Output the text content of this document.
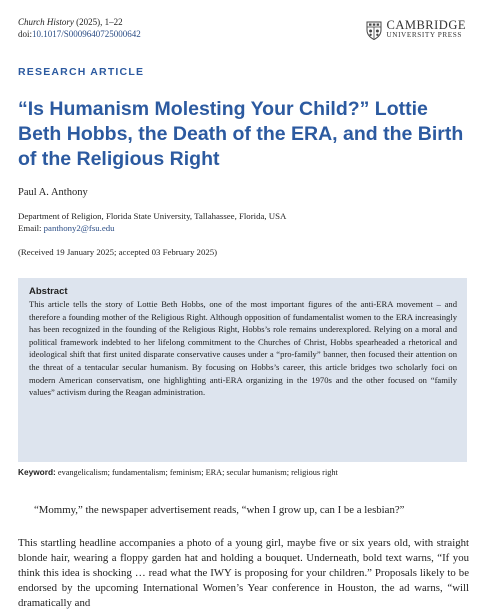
Church History (2025), 1–22
doi:10.1017/S0009640725000642
CAMBRIDGE
UNIVERSITY PRESS
RESEARCH ARTICLE
“Is Humanism Molesting Your Child?” Lottie Beth Hobbs, the Death of the ERA, and the Birth of the Religious Right
Paul A. Anthony
Department of Religion, Florida State University, Tallahassee, Florida, USA
Email: panthony2@fsu.edu
(Received 19 January 2025; accepted 03 February 2025)
Abstract

This article tells the story of Lottie Beth Hobbs, one of the most important figures of the anti-ERA movement – and therefore a founding mother of the Religious Right. Although opposition of fundamentalist women to the ERA increasingly has been recognized in the founding of the Religious Right, Hobbs’s role remains underexplored. Relying on a moral and political framework indebted to her lifelong commitment to the Churches of Christ, Hobbs spearheaded a rhetorical and ideological shift that first united disparate conservative causes under a “pro-family” banner, then focused their attention on the threat of a tentacular secular humanism. By focusing on Hobbs’s career, this article bridges two scholarly foci on modern American conservatism, one highlighting anti-ERA organizing in the 1970s and the other focused on “family values” activism during the Reagan administration.

Keyword: evangelicalism; fundamentalism; feminism; ERA; secular humanism; religious right
“Mommy,” the newspaper advertisement reads, “when I grow up, can I be a lesbian?”

This startling headline accompanies a photo of a young girl, maybe five or six years old, with straight blonde hair, wearing a floppy garden hat and holding a bouquet. Underneath, bold text warns, “If you think this idea is shocking … read what the IWY is proposing for your children.” Proposals likely to be endorsed by the upcoming International Women’s Year conference in Houston, the ad warns, “will dramatically and
